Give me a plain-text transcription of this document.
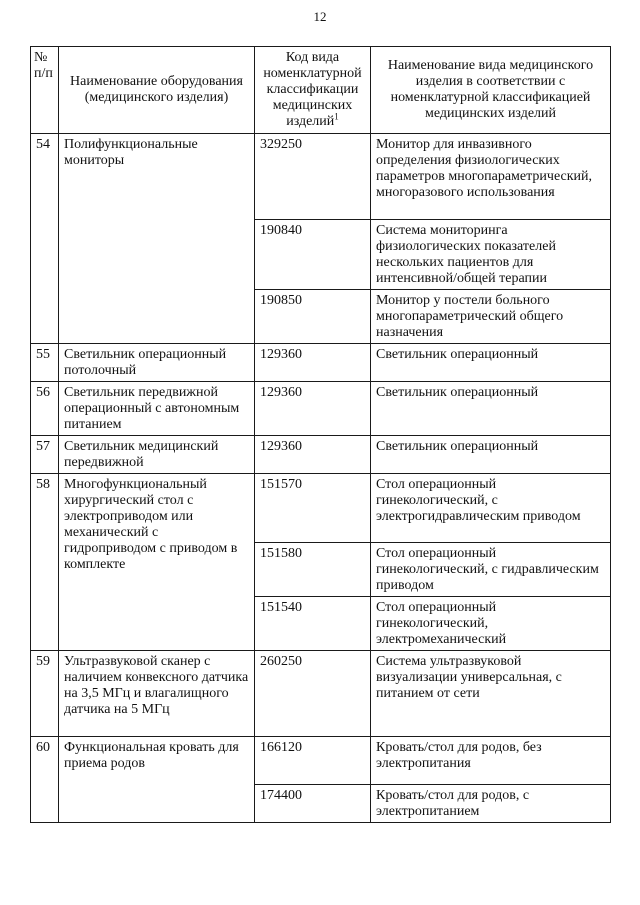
12
№ п/п	Наименование оборудования (медицинского изделия)	Код вида номенклатурной классификации медицинских изделий$^1$	Наименование вида медицинского изделия в соответствии с номенклатурной классификацией медицинских изделий
54	Полифункциональные мониторы	329250	Монитор для инвазивного определения физиологических параметров многопараметрический, многоразового использования
		190840	Система мониторинга физиологических показателей нескольких пациентов для интенсивной/общей терапии
		190850	Монитор у постели больного многопараметрический общего назначения
55	Светильник операционный потолочный	129360	Светильник операционный
56	Светильник передвижной операционный с автономным питанием	129360	Светильник операционный
57	Светильник медицинский передвижной	129360	Светильник операционный
58	Многофункциональный хирургический стол с электроприводом или механический с гидроприводом с приводом в комплекте	151570	Стол операционный гинекологический, с электрогидравлическим приводом
		151580	Стол операционный гинекологический, с гидравлическим приводом
		151540	Стол операционный гинекологический, электромеханический
59	Ультразвуковой сканер с наличием конвексного датчика на 3,5 МГц и влагалищного датчика на 5 МГц	260250	Система ультразвуковой визуализации универсальная, с питанием от сети
60	Функциональная кровать для приема родов	166120	Кровать/стол для родов, без электропитания
		174400	Кровать/стол для родов, с электропитанием
